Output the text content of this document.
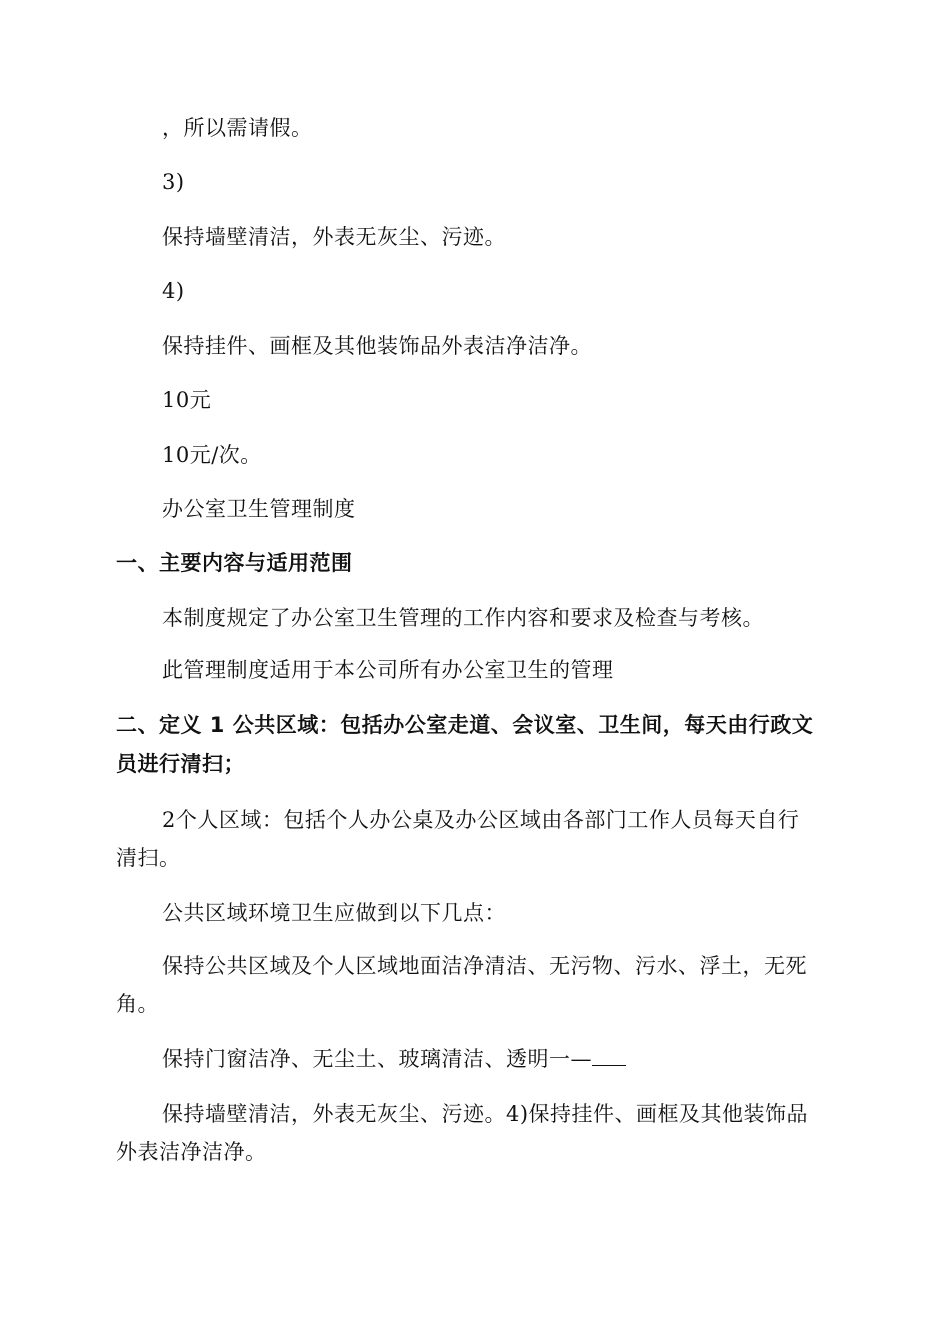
，所以需请假。
3)
保持墙壁清洁，外表无灰尘、污迹。
4)
保持挂件、画框及其他装饰品外表洁净洁净。
10元
10元/次。
办公室卫生管理制度
一、主要内容与适用范围
本制度规定了办公室卫生管理的工作内容和要求及检查与考核。
此管理制度适用于本公司所有办公室卫生的管理
二、定义 1 公共区域：包括办公室走道、会议室、卫生间，每天由行政文
员进行清扫；
2个人区域：包括个人办公桌及办公区域由各部门工作人员每天自行
清扫。
公共区域环境卫生应做到以下几点：
保持公共区域及个人区域地面洁净清洁、无污物、污水、浮土，无死
角。
保持门窗洁净、无尘土、玻璃清洁、透明一—
保持墙壁清洁，外表无灰尘、污迹。4)保持挂件、画框及其他装饰品
外表洁净洁净。
